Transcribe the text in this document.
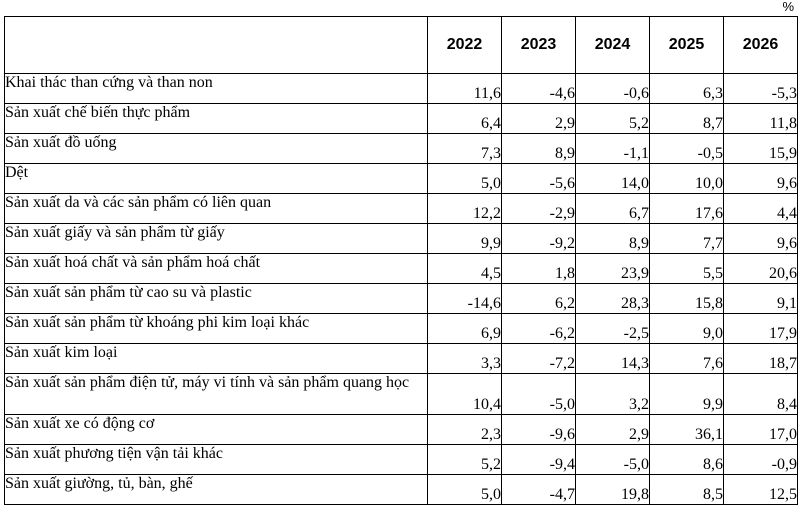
%
	2022	2023	2024	2025	2026
Khai thác than cứng và than non	11,6	-4,6	-0,6	6,3	-5,3
Sản xuất chế biến thực phẩm	6,4	2,9	5,2	8,7	11,8
Sản xuất đồ uống	7,3	8,9	-1,1	-0,5	15,9
Dệt	5,0	-5,6	14,0	10,0	9,6
Sản xuất da và các sản phẩm có liên quan	12,2	-2,9	6,7	17,6	4,4
Sản xuất giấy và sản phẩm từ giấy	9,9	-9,2	8,9	7,7	9,6
Sản xuất hoá chất và sản phẩm hoá chất	4,5	1,8	23,9	5,5	20,6
Sản xuất sản phẩm từ cao su và plastic	-14,6	6,2	28,3	15,8	9,1
Sản xuất sản phẩm từ khoáng phi kim loại khác	6,9	-6,2	-2,5	9,0	17,9
Sản xuất kim loại	3,3	-7,2	14,3	7,6	18,7
Sản xuất sản phẩm điện tử, máy vi tính và sản phẩm quang học	10,4	-5,0	3,2	9,9	8,4
Sản xuất xe có động cơ	2,3	-9,6	2,9	36,1	17,0
Sản xuất phương tiện vận tải khác	5,2	-9,4	-5,0	8,6	-0,9
Sản xuất giường, tủ, bàn, ghế	5,0	-4,7	19,8	8,5	12,5
